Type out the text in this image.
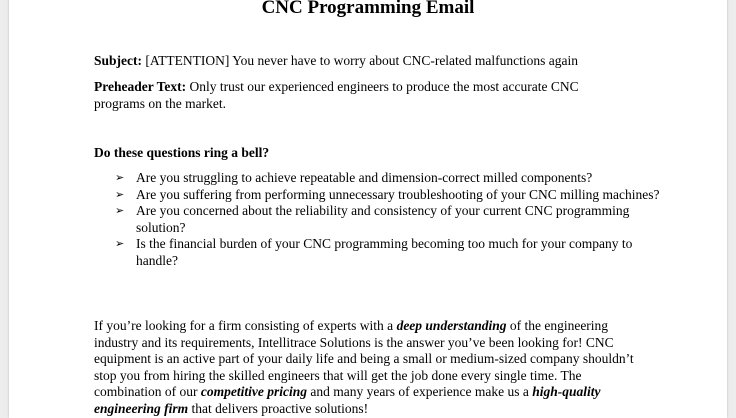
CNC Programming Email

Subject: [ATTENTION] You never have to worry about CNC-related malfunctions again

Preheader Text: Only trust our experienced engineers to produce the most accurate CNC programs on the market.

Do these questions ring a bell?

➢ Are you struggling to achieve repeatable and dimension-correct milled components?
➢ Are you suffering from performing unnecessary troubleshooting of your CNC milling machines?
➢ Are you concerned about the reliability and consistency of your current CNC programming solution?
➢ Is the financial burden of your CNC programming becoming too much for your company to handle?

If you’re looking for a firm consisting of experts with a deep understanding of the engineering industry and its requirements, Intellitrace Solutions is the answer you’ve been looking for! CNC equipment is an active part of your daily life and being a small or medium-sized company shouldn’t stop you from hiring the skilled engineers that will get the job done every single time. The combination of our competitive pricing and many years of experience make us a high-quality engineering firm that delivers proactive solutions!
